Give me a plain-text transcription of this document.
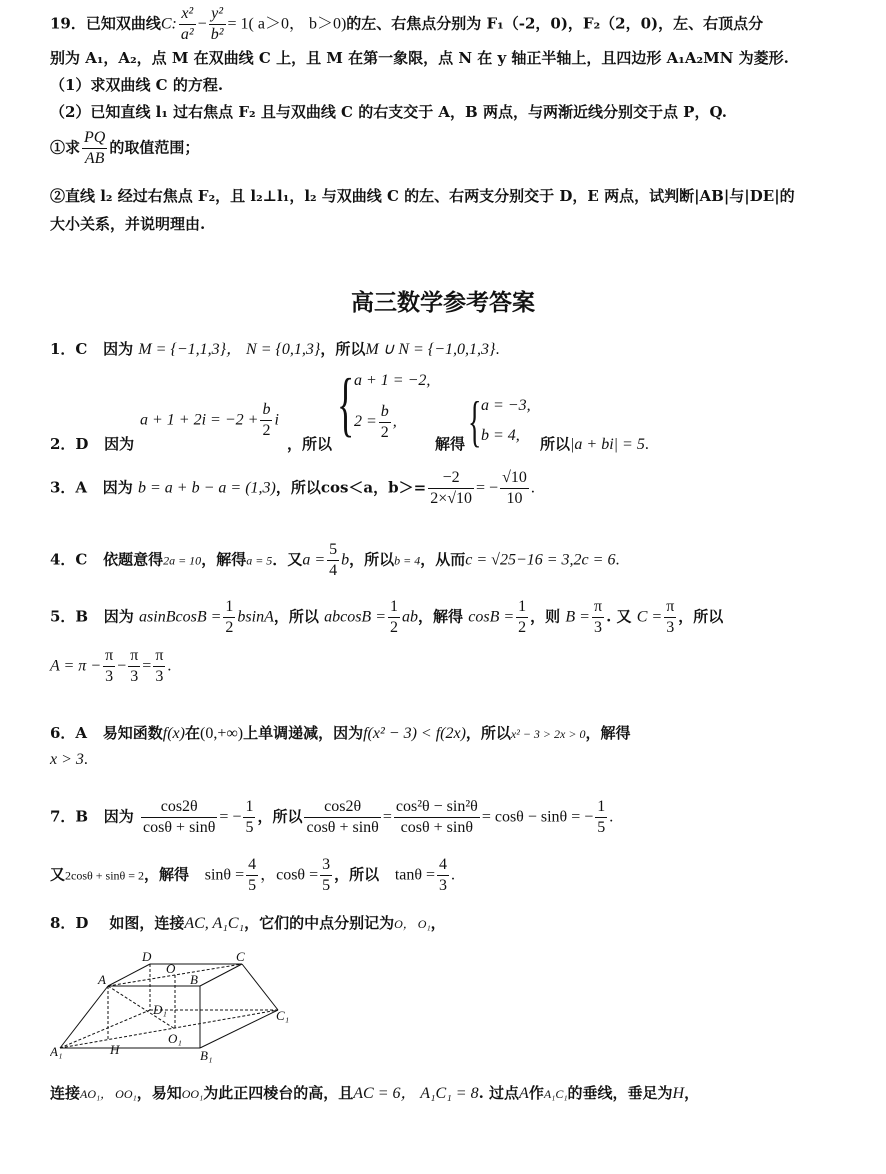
19．已知双曲线C: $\frac{\text{x²}}{\text{a²}} - \frac{\text{y²}}{\text{b²}} = 1$( a＞0， b＞0)的左、右焦点分别为 F₁（-2，0)，F₂（2，0)，左、右顶点分
别为 A₁，A₂，点 M 在双曲线 C 上，且 M 在第一象限，点 N 在 y 轴正半轴上，且四边形 A₁A₂MN 为菱形.
（1）求双曲线 C 的方程.
（2）已知直线 l₁ 过右焦点 F₂ 且与双曲线 C 的右支交于 A，B 两点，与两渐近线分别交于点 P，Q.
①求 $\frac{PQ}{AB}$ 的取值范围；
②直线 l₂ 经过右焦点 F₂，且 l₂⊥l₁，l₂ 与双曲线 C 的左、右两支分别交于 D，E 两点，试判断|AB|与|DE|的
大小关系，并说明理由.
高三数学参考答案
1．C 因为 M = {−1,1,3}， N = {0,1,3}，所以M ∪ N = {−1,0,1,3}.
2．D 因为
$a + 1 + 2i = -2 + \frac{b}{2}$ i
，所以 { a + 1 = −2,
$2 = \frac{b}{2}$ ,
解得 { a = −3,
b = 4, 所以|a + bi| = 5.
3．A 因为 b = a + b − a = (1,3)，所以cos＜a，$b>= \frac{-2}{2\times√10}$ = − $\frac{√10}{10}$ .
4．C 依题意得2a = 10，解得a = 5．又$a = \frac{5}{4}$ b，所以b = 4，从而c = √25−16 = 3,2c = 6.
5．B 因为 asinBcosB = $\frac{1}{2}$ bsinA，所以 $abcosB = \frac{1}{2}$ ab，解得 $\cos B = \frac{1}{2}$ ，则 $B = \frac{\pi}{3}$ . 又 $C = \frac{\pi}{3}$ ，所以
$A = \pi - \frac{\pi}{3} - \frac{\pi}{3} = \frac{\pi}{3}$ .
6．A 易知函数f(x)在(0,+∞)上单调递减，因为f(x² − 3) < f(2x)，所以x² − 3 > 2x > 0，解得
x > 3.
7．B 因为 $\frac{\cos 2\theta}{\cos\theta + \sin\theta}$ = − $\frac{1}{5}$ ，所以 $\frac{\cos 2\theta}{\cos\theta + \sin\theta} = \frac{\text{cos²θ − sin²θ}}{\cos\theta + \sin\theta} = \cos\theta - \sin\theta$ = − $\frac{1}{5}$ .
又2cosθ + sinθ = 2，解得 $\sin\theta = \frac{4}{5}$ ，$\cos\theta = \frac{3}{5}$ ，所以 $\tan\theta = \frac{4}{3}$ .
8．D 如图，连接AC, A₁C₁，它们的中点分别记为O， O₁，
A	B
C
D
O
A₁	B₁
C₁
D₁
O₁
H
连接AO₁， OO₁，易知OO₁为此正四棱台的高，且AC = 6， A₁C₁ = 8. 过点A作A₁C₁的垂线，垂足为H，
